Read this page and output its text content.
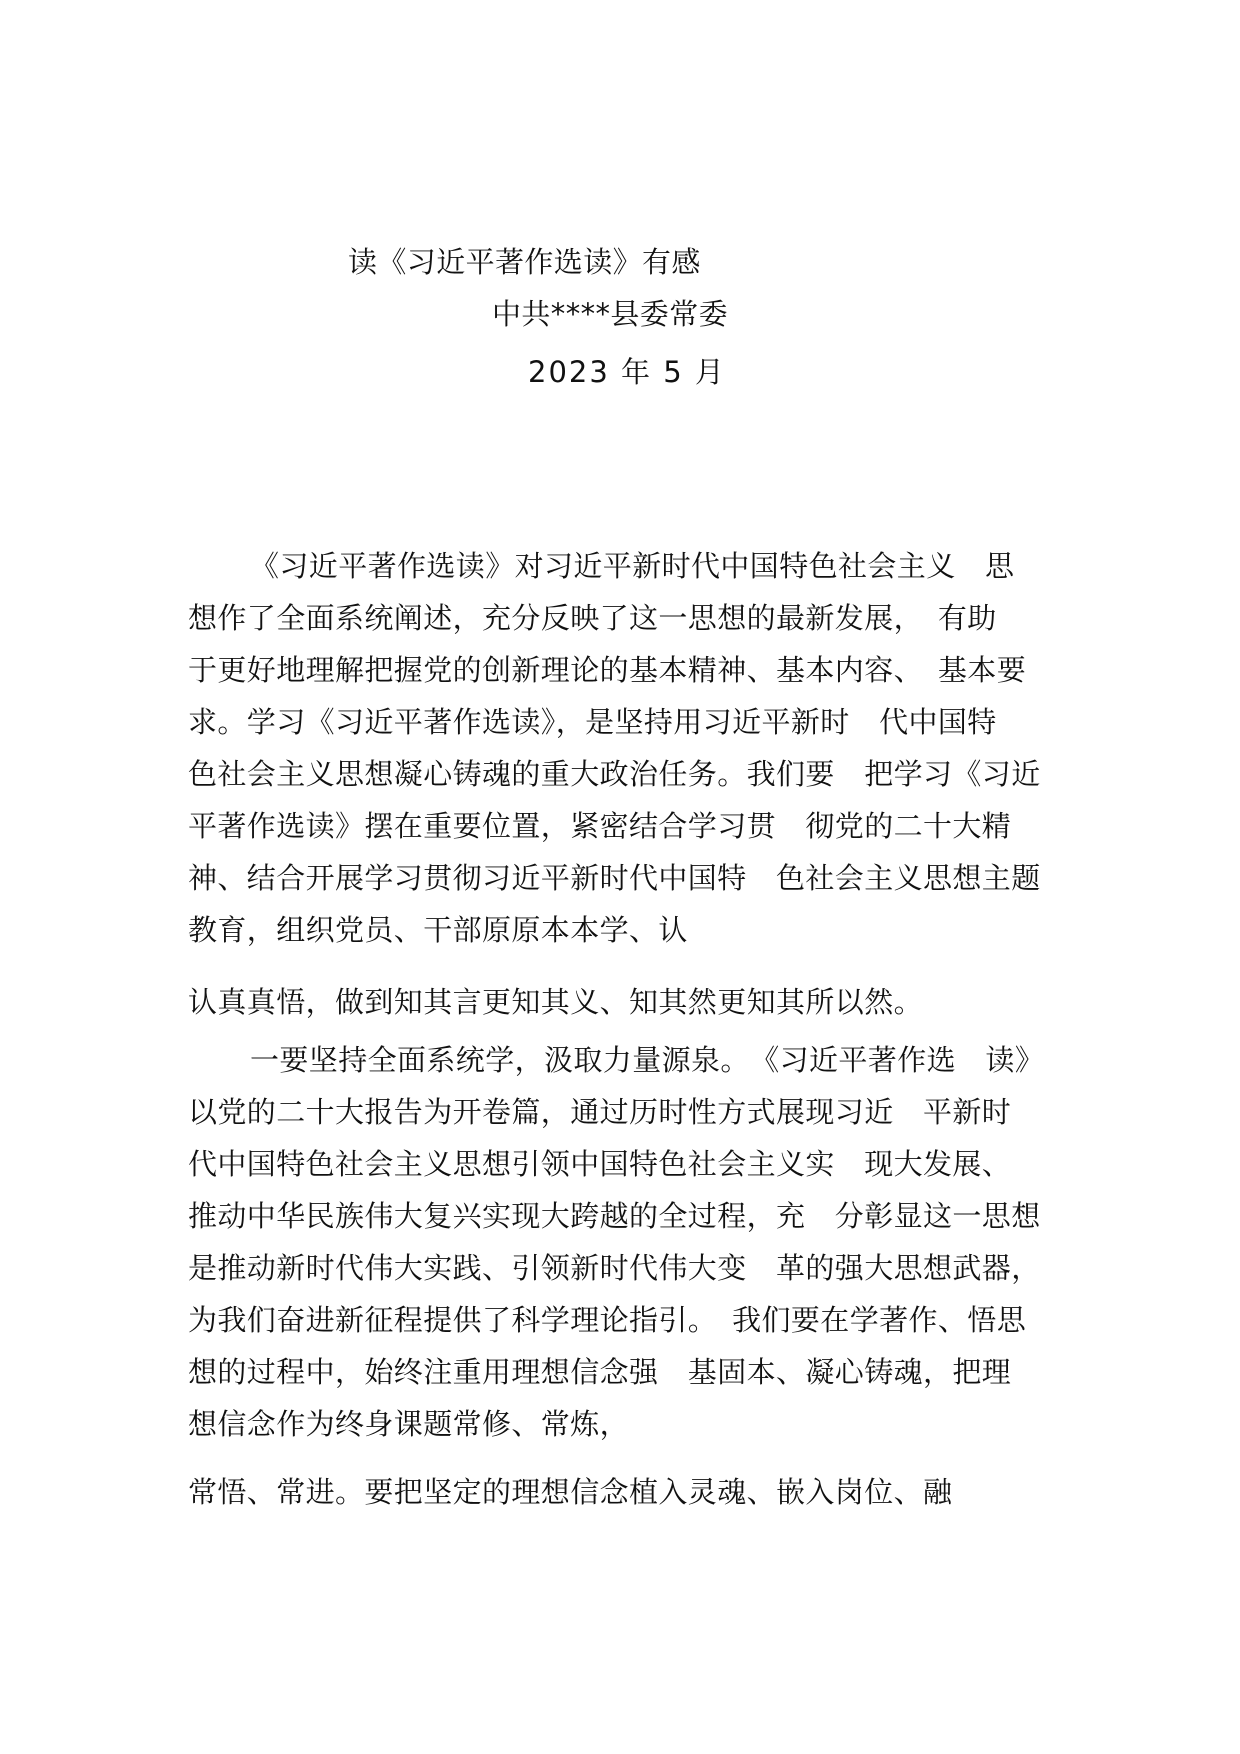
读《习近平著作选读》有感
中共****县委常委
2023 年 5 月
《习近平著作选读》对习近平新时代中国特色社会主义　思
想作了全面系统阐述，充分反映了这一思想的最新发展，　有助
于更好地理解把握党的创新理论的基本精神、基本内容、　基本要
求。学习《习近平著作选读》，是坚持用习近平新时　代中国特
色社会主义思想凝心铸魂的重大政治任务。我们要　把学习《习近
平著作选读》摆在重要位置，紧密结合学习贯　彻党的二十大精
神、结合开展学习贯彻习近平新时代中国特　色社会主义思想主题
教育，组织党员、干部原原本本学、认
认真真悟，做到知其言更知其义、知其然更知其所以然。
一要坚持全面系统学，汲取力量源泉。　《习近平著作选　读》
以党的二十大报告为开卷篇，通过历时性方式展现习近　平新时
代中国特色社会主义思想引领中国特色社会主义实　现大发展、
推动中华民族伟大复兴实现大跨越的全过程，充　分彰显这一思想
是推动新时代伟大实践、引领新时代伟大变　革的强大思想武器，
为我们奋进新征程提供了科学理论指引。　我们要在学著作、悟思
想的过程中，始终注重用理想信念强　基固本、凝心铸魂，把理
想信念作为终身课题常修、常炼，
常悟、常进。要把坚定的理想信念植入灵魂、嵌入岗位、融
